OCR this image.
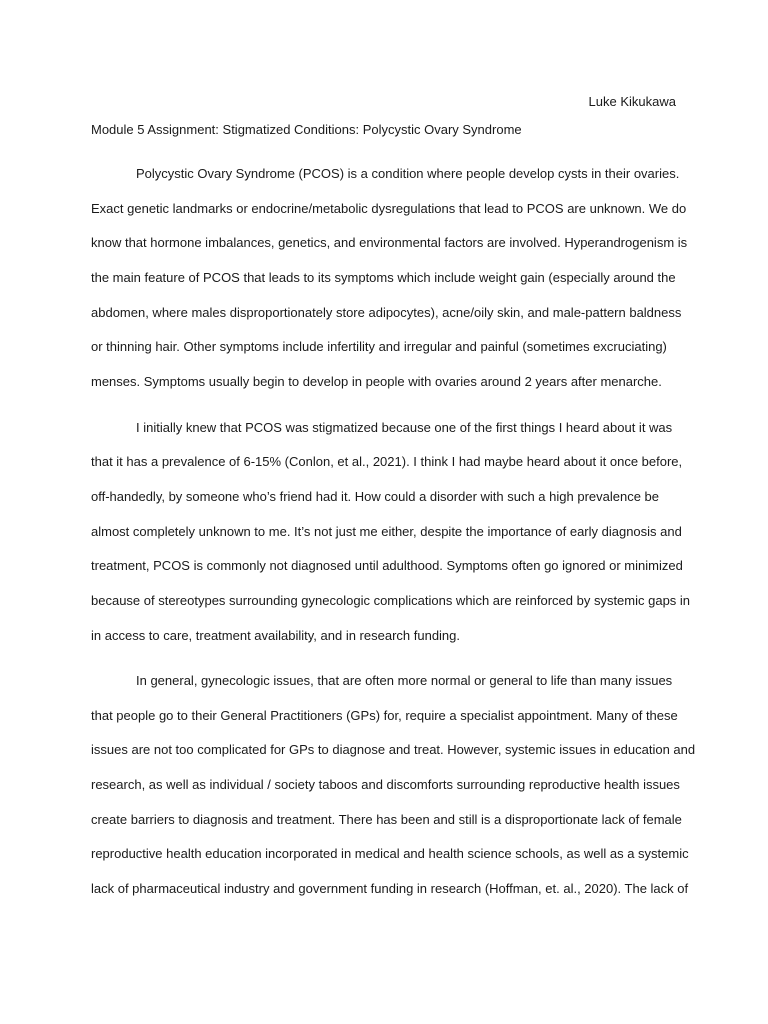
Luke Kikukawa
Module 5 Assignment: Stigmatized Conditions: Polycystic Ovary Syndrome
Polycystic Ovary Syndrome (PCOS) is a condition where people develop cysts in their ovaries.
Exact genetic landmarks or endocrine/metabolic dysregulations that lead to PCOS are unknown. We do
know that hormone imbalances, genetics, and environmental factors are involved. Hyperandrogenism is
the main feature of PCOS that leads to its symptoms which include weight gain (especially around the
abdomen, where males disproportionately store adipocytes), acne/oily skin, and male-pattern baldness
or thinning hair. Other symptoms include infertility and irregular and painful (sometimes excruciating)
menses. Symptoms usually begin to develop in people with ovaries around 2 years after menarche.
I initially knew that PCOS was stigmatized because one of the first things I heard about it was
that it has a prevalence of 6-15% (Conlon, et al., 2021). I think I had maybe heard about it once before,
off-handedly, by someone who’s friend had it. How could a disorder with such a high prevalence be
almost completely unknown to me. It’s not just me either, despite the importance of early diagnosis and
treatment, PCOS is commonly not diagnosed until adulthood. Symptoms often go ignored or minimized
because of stereotypes surrounding gynecologic complications which are reinforced by systemic gaps in
in access to care, treatment availability, and in research funding.
In general, gynecologic issues, that are often more normal or general to life than many issues
that people go to their General Practitioners (GPs) for, require a specialist appointment. Many of these
issues are not too complicated for GPs to diagnose and treat. However, systemic issues in education and
research, as well as individual / society taboos and discomforts surrounding reproductive health issues
create barriers to diagnosis and treatment. There has been and still is a disproportionate lack of female
reproductive health education incorporated in medical and health science schools, as well as a systemic
lack of pharmaceutical industry and government funding in research (Hoffman, et. al., 2020). The lack of
